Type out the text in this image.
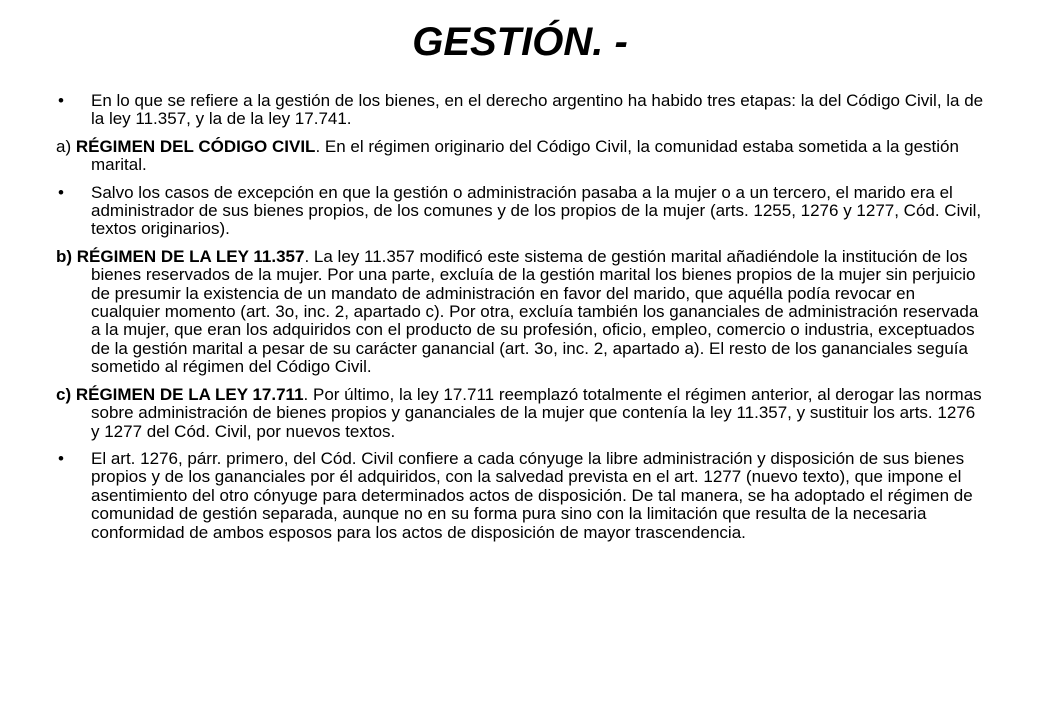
GESTIÓN. -

• En lo que se refiere a la gestión de los bienes, en el derecho argentino ha habido tres etapas: la del Código Civil, la de la ley 11.357, y la de la ley 17.741.

a) RÉGIMEN DEL CÓDIGO CIVIL. En el régimen originario del Código Civil, la comunidad estaba sometida a la gestión marital.

• Salvo los casos de excepción en que la gestión o administración pasaba a la mujer o a un tercero, el marido era el administrador de sus bienes propios, de los comunes y de los propios de la mujer (arts. 1255, 1276 y 1277, Cód. Civil, textos originarios).

b) RÉGIMEN DE LA LEY 11.357. La ley 11.357 modificó este sistema de gestión marital añadiéndole la institución de los bienes reservados de la mujer. Por una parte, excluía de la gestión marital los bienes propios de la mujer sin perjuicio de presumir la existencia de un mandato de administración en favor del marido, que aquélla podía revocar en cualquier momento (art. 3o, inc. 2, apartado c). Por otra, excluía también los gananciales de administración reservada a la mujer, que eran los adquiridos con el producto de su profesión, oficio, empleo, comercio o industria, exceptuados de la gestión marital a pesar de su carácter ganancial (art. 3o, inc. 2, apartado a). El resto de los gananciales seguía sometido al régimen del Código Civil.

c) RÉGIMEN DE LA LEY 17.711. Por último, la ley 17.711 reemplazó totalmente el régimen anterior, al derogar las normas sobre administración de bienes propios y gananciales de la mujer que contenía la ley 11.357, y sustituir los arts. 1276 y 1277 del Cód. Civil, por nuevos textos.

• El art. 1276, párr. primero, del Cód. Civil confiere a cada cónyuge la libre administración y disposición de sus bienes propios y de los gananciales por él adquiridos, con la salvedad prevista en el art. 1277 (nuevo texto), que impone el asentimiento del otro cónyuge para determinados actos de disposición. De tal manera, se ha adoptado el régimen de comunidad de gestión separada, aunque no en su forma pura sino con la limitación que resulta de la necesaria conformidad de ambos esposos para los actos de disposición de mayor trascendencia.
